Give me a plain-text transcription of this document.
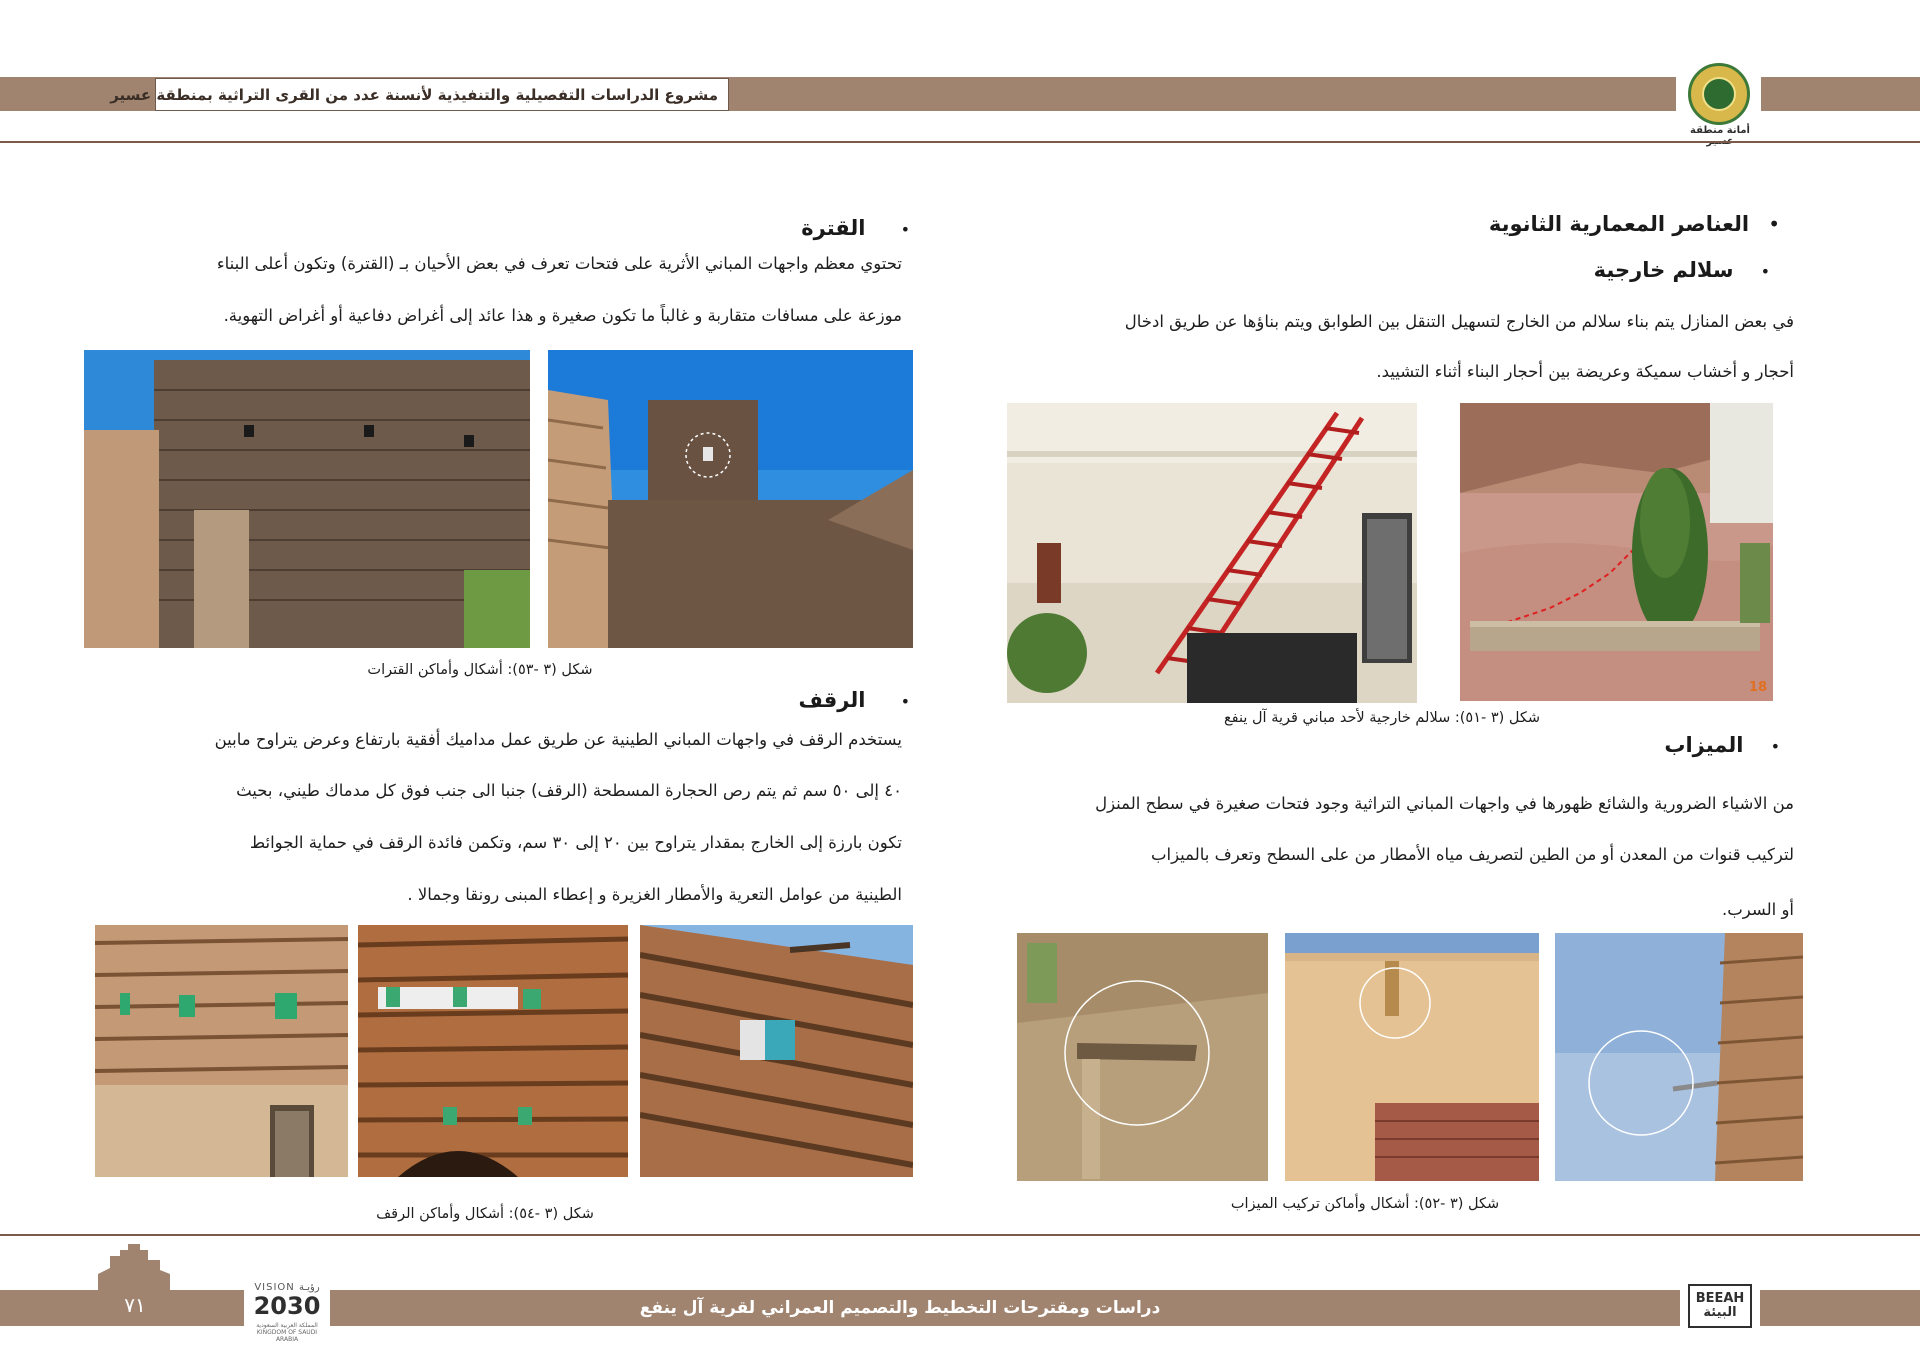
مشروع الدراسات التفصيلية والتنفيذية لأنسنة عدد من القرى التراثية بمنطقة عسير
أمانة منطقة
• العناصر المعمارية الثانوية
• سلالم خارجية
في بعض المنازل يتم بناء سلالم من الخارج لتسهيل التنقل بين الطوابق ويتم بناؤها عن طريق ادخال
أحجار و أخشاب سميكة وعريضة بين أحجار البناء أثناء التشييد.
18
شكل (٣ -٥١): سلالم خارجية لأحد مباني قرية آل ينفع
• الميزاب
من الاشياء الضرورية والشائع ظهورها في واجهات المباني التراثية وجود فتحات صغيرة في سطح المنزل
لتركيب قنوات من المعدن أو من الطين لتصريف مياه الأمطار من على السطح وتعرف بالميزاب
أو السرب.
شكل (٣ -٥٢): أشكال وأماكن تركيب الميزاب
• القترة
تحتوي معظم واجهات المباني الأثرية على فتحات تعرف في بعض الأحيان بـ (القترة) وتكون أعلى البناء
موزعة على مسافات متقاربة و غالباً ما تكون صغيرة و هذا عائد إلى أغراض دفاعية أو أغراض التهوية.
شكل (٣ -٥٣): أشكال وأماكن القترات
• الرقف
يستخدم الرقف في واجهات المباني الطينية عن طريق عمل مداميك أفقية بارتفاع وعرض يتراوح مابين
٤٠ إلى ٥٠ سم ثم يتم رص الحجارة المسطحة (الرقف) جنبا الى جنب فوق كل مدماك طيني، بحيث
تكون بارزة إلى الخارج بمقدار يتراوح بين ٢٠ إلى ٣٠ سم، وتكمن فائدة الرقف في حماية الجوائط
الطينية من عوامل التعرية والأمطار الغزيرة و إعطاء المبنى رونقا وجمالا .
شكل (٣ -٥٤): أشكال وأماكن الرقف
٧١
VISION رؤيـة
2030
المملكة العربية السعودية KINGDOM OF SAUDI ARABIA
دراسات ومقترحات التخطيط والتصميم العمراني لقرية آل ينفع	BEEAH
البيئة
